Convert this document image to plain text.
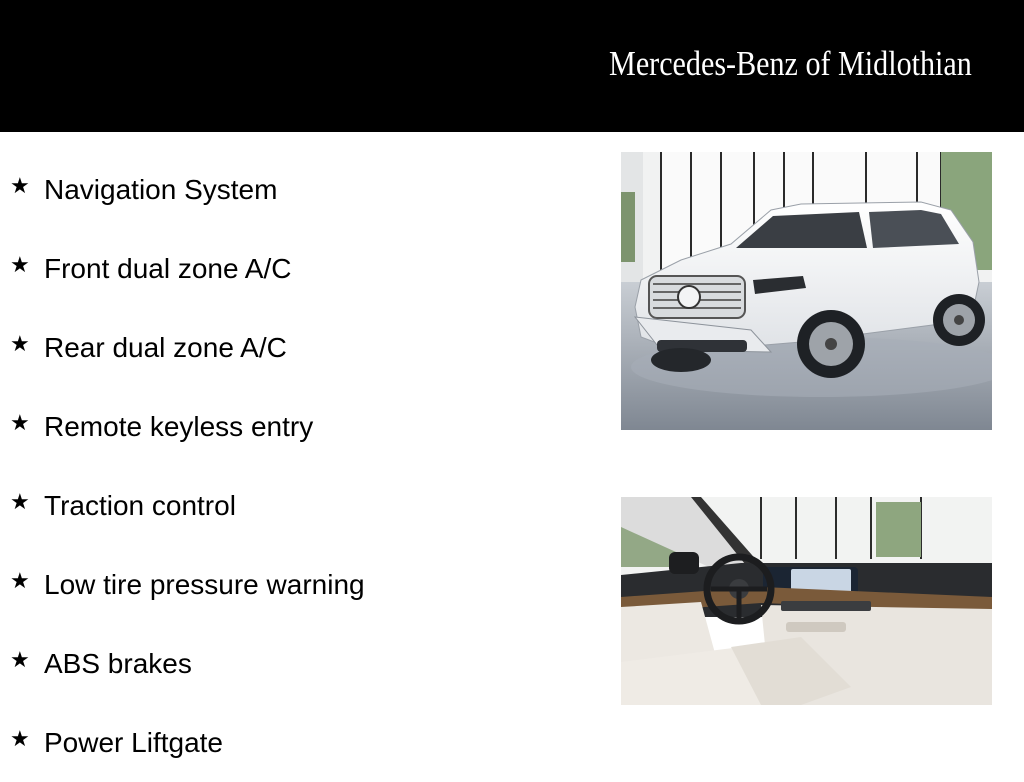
Mercedes-Benz of Midlothian
★ Navigation System
★ Front dual zone A/C
★ Rear dual zone A/C
★ Remote keyless entry
★ Traction control
★ Low tire pressure warning
★ ABS brakes
★ Power Liftgate
